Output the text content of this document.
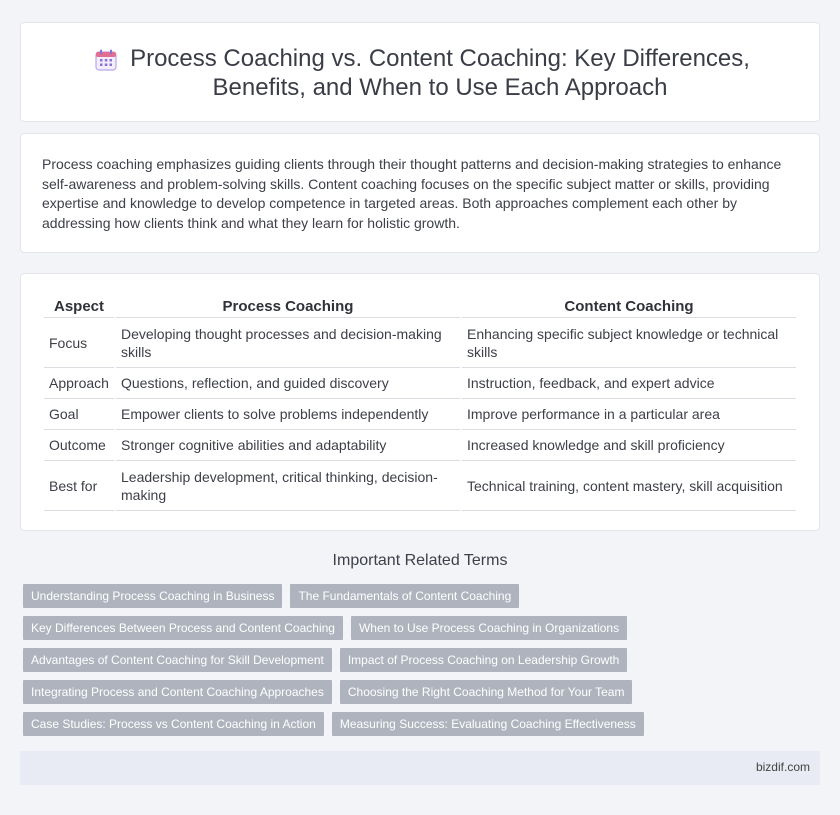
Process Coaching vs. Content Coaching: Key Differences, Benefits, and When to Use Each Approach

Process coaching emphasizes guiding clients through their thought patterns and decision-making strategies to enhance self-awareness and problem-solving skills. Content coaching focuses on the specific subject matter or skills, providing expertise and knowledge to develop competence in targeted areas. Both approaches complement each other by addressing how clients think and what they learn for holistic growth.

Aspect	Process Coaching	Content Coaching
Focus	Developing thought processes and decision-making skills	Enhancing specific subject knowledge or technical skills
Approach	Questions, reflection, and guided discovery	Instruction, feedback, and expert advice
Goal	Empower clients to solve problems independently	Improve performance in a particular area
Outcome	Stronger cognitive abilities and adaptability	Increased knowledge and skill proficiency
Best for	Leadership development, critical thinking, decision-making	Technical training, content mastery, skill acquisition
Important Related Terms
Understanding Process Coaching in Business	The Fundamentals of Content Coaching
Key Differences Between Process and Content Coaching	When to Use Process Coaching in Organizations
Advantages of Content Coaching for Skill Development	Impact of Process Coaching on Leadership Growth
Integrating Process and Content Coaching Approaches	Choosing the Right Coaching Method for Your Team
Case Studies: Process vs Content Coaching in Action	Measuring Success: Evaluating Coaching Effectiveness
bizdif.com
